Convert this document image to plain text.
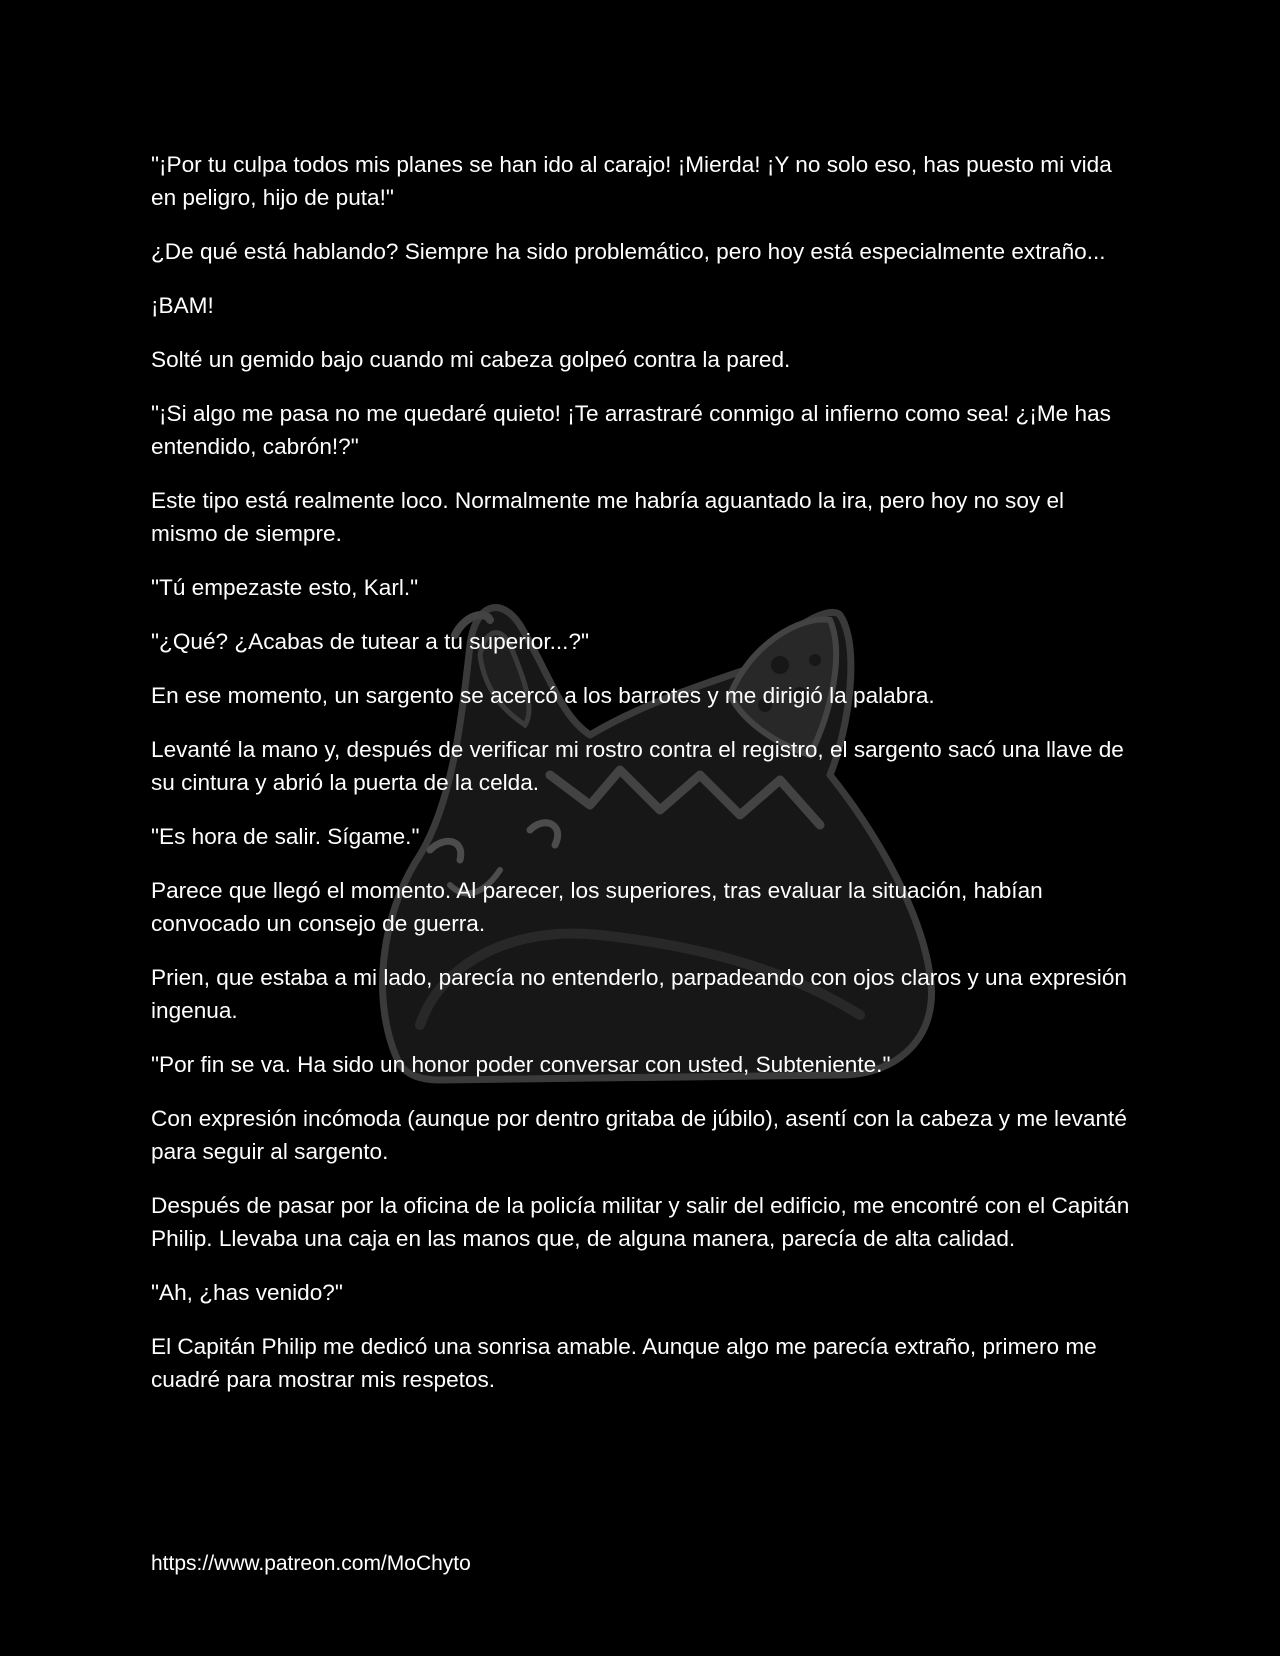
"¡Por tu culpa todos mis planes se han ido al carajo! ¡Mierda! ¡Y no solo eso, has puesto mi vida en peligro, hijo de puta!"

¿De qué está hablando? Siempre ha sido problemático, pero hoy está especialmente extraño...

¡BAM!

Solté un gemido bajo cuando mi cabeza golpeó contra la pared.

"¡Si algo me pasa no me quedaré quieto! ¡Te arrastraré conmigo al infierno como sea! ¿¡Me has entendido, cabrón!?"

Este tipo está realmente loco. Normalmente me habría aguantado la ira, pero hoy no soy el mismo de siempre.

"Tú empezaste esto, Karl."

"¿Qué? ¿Acabas de tutear a tu superior...?"

En ese momento, un sargento se acercó a los barrotes y me dirigió la palabra.

Levanté la mano y, después de verificar mi rostro contra el registro, el sargento sacó una llave de su cintura y abrió la puerta de la celda.

"Es hora de salir. Sígame."

Parece que llegó el momento. Al parecer, los superiores, tras evaluar la situación, habían convocado un consejo de guerra.

Prien, que estaba a mi lado, parecía no entenderlo, parpadeando con ojos claros y una expresión ingenua.

"Por fin se va. Ha sido un honor poder conversar con usted, Subteniente."

Con expresión incómoda (aunque por dentro gritaba de júbilo), asentí con la cabeza y me levanté para seguir al sargento.

Después de pasar por la oficina de la policía militar y salir del edificio, me encontré con el Capitán Philip. Llevaba una caja en las manos que, de alguna manera, parecía de alta calidad.

"Ah, ¿has venido?"

El Capitán Philip me dedicó una sonrisa amable. Aunque algo me parecía extraño, primero me cuadré para mostrar mis respetos.

https://www.patreon.com/MoChyto
